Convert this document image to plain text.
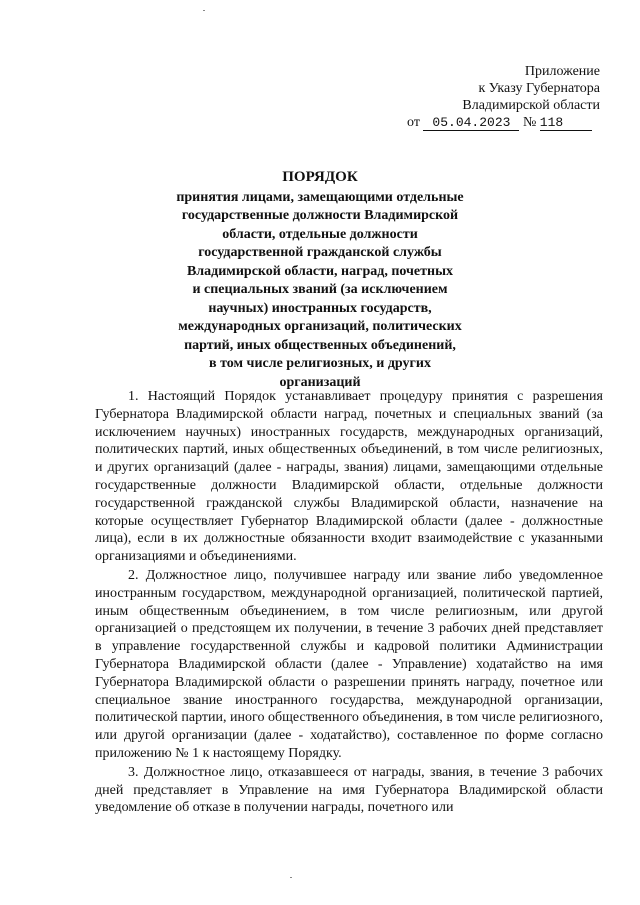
Приложение
к Указу Губернатора
Владимирской области
от 05.04.2023 № 118
ПОРЯДОК
принятия лицами, замещающими отдельные
государственные должности Владимирской
области, отдельные должности
государственной гражданской службы
Владимирской области, наград, почетных
и специальных званий (за исключением
научных) иностранных государств,
международных организаций, политических
партий, иных общественных объединений,
в том числе религиозных, и других
организаций

1. Настоящий Порядок устанавливает процедуру принятия с разрешения Губернатора Владимирской области наград, почетных и специальных званий (за исключением научных) иностранных государств, международных организаций, политических партий, иных общественных объединений, в том числе религиозных, и других организаций (далее - награды, звания) лицами, замещающими отдельные государственные должности Владимирской области, отдельные должности государственной гражданской службы Владимирской области, назначение на которые осуществляет Губернатор Владимирской области (далее - должностные лица), если в их должностные обязанности входит взаимодействие с указанными организациями и объединениями.

2. Должностное лицо, получившее награду или звание либо уведомленное иностранным государством, международной организацией, политической партией, иным общественным объединением, в том числе религиозным, или другой организацией о предстоящем их получении, в течение 3 рабочих дней представляет в управление государственной службы и кадровой политики Администрации Губернатора Владимирской области (далее - Управление) ходатайство на имя Губернатора Владимирской области о разрешении принять награду, почетное или специальное звание иностранного государства, международной организации, политической партии, иного общественного объединения, в том числе религиозного, или другой организации (далее - ходатайство), составленное по форме согласно приложению № 1 к настоящему Порядку.

3. Должностное лицо, отказавшееся от награды, звания, в течение 3 рабочих дней представляет в Управление на имя Губернатора Владимирской области уведомление об отказе в получении награды, почетного или
